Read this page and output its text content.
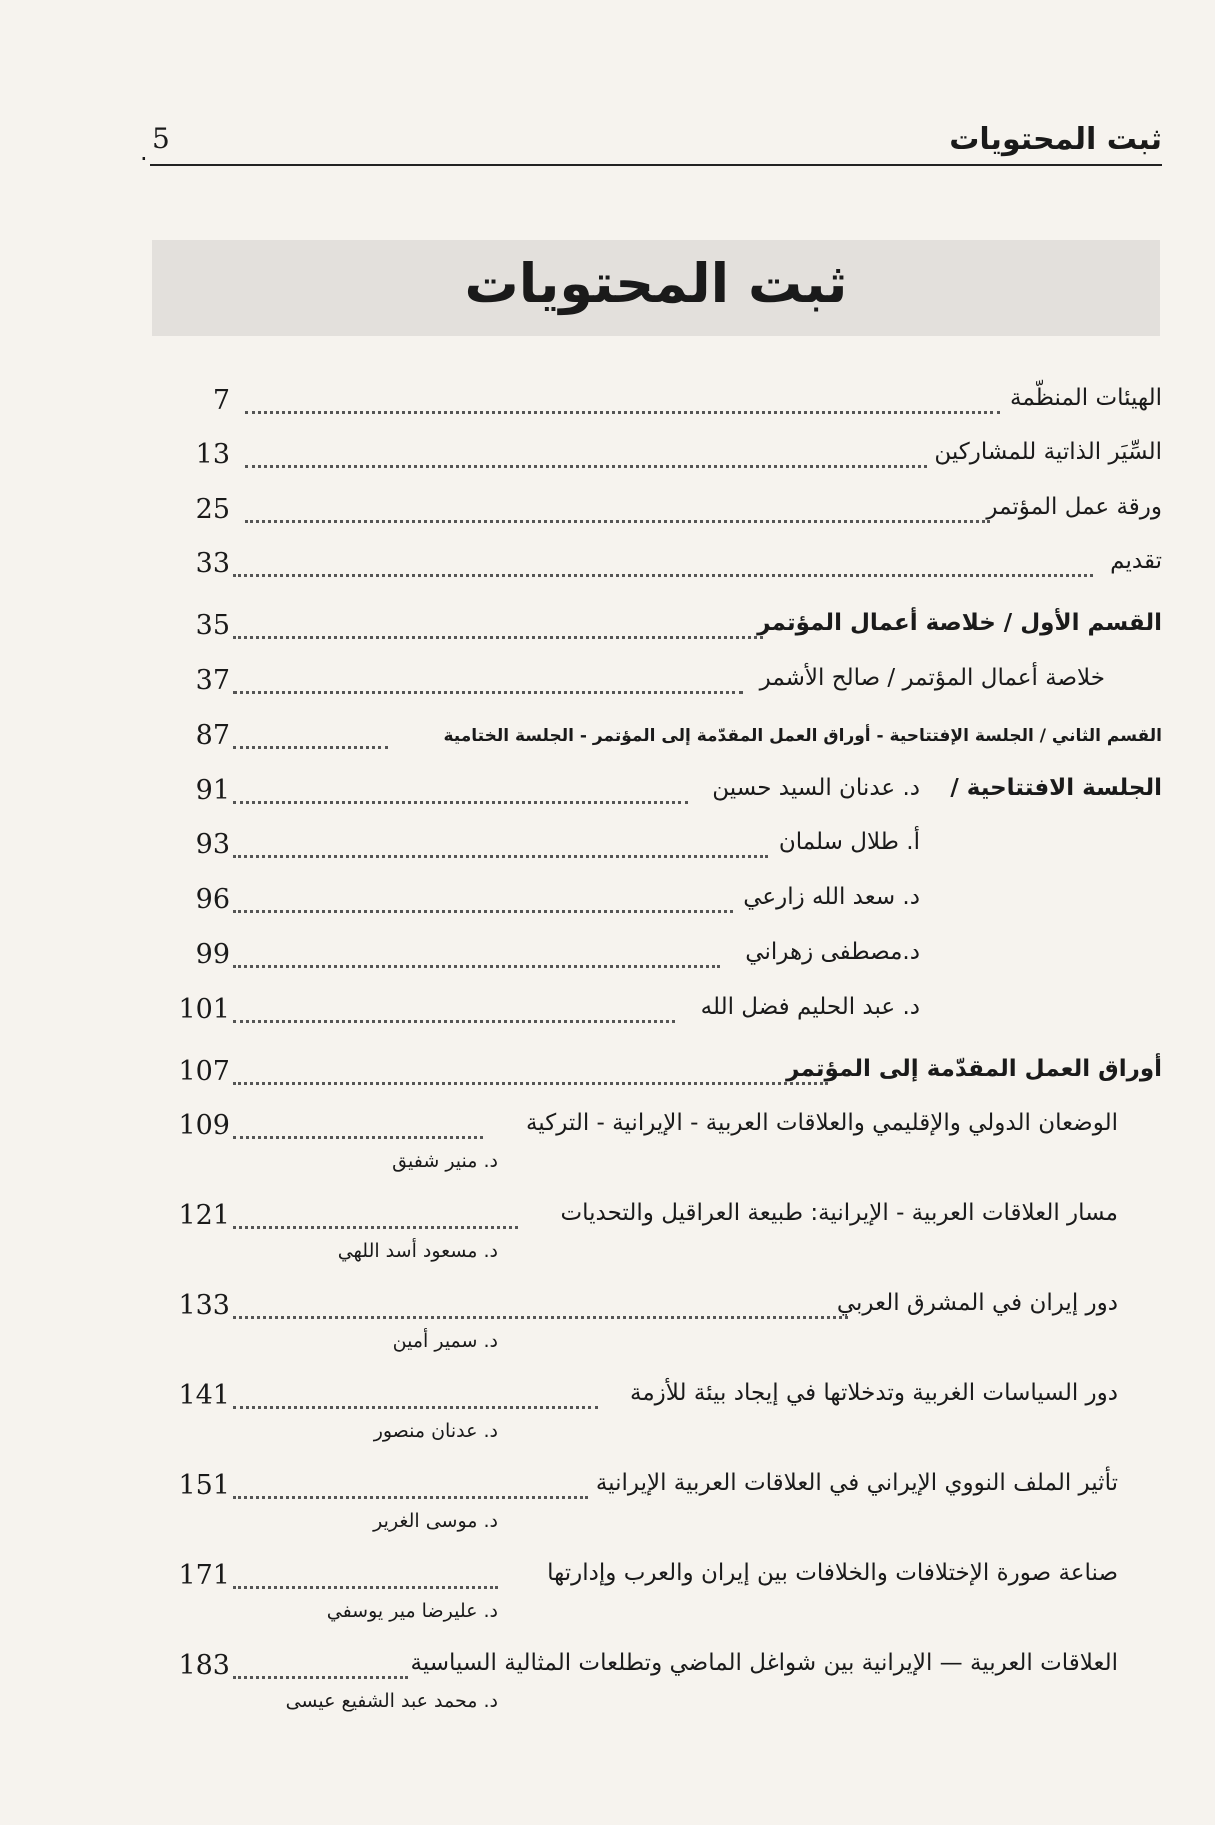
ثبت المحتويات
5
.
ثبت المحتويات
7	الهيئات المنظّمة
13	السِّيَر الذاتية للمشاركين
25	ورقة عمل المؤتمر
33	تقديم
35	القسم الأول / خلاصة أعمال المؤتمر
37	خلاصة أعمال المؤتمر / صالح الأشمر
87	القسم الثاني / الجلسة الإفتتاحية - أوراق العمل المقدّمة إلى المؤتمر - الجلسة الختامية
91	د. عدنان السيد حسين الجلسة الافتتاحية /
93	أ. طلال سلمان
96	د. سعد الله زارعي
99	د.مصطفى زهراني
101	د. عبد الحليم فضل الله
107	أوراق العمل المقدّمة إلى المؤتمر
109	الوضعان الدولي والإقليمي والعلاقات العربية - الإيرانية - التركية
د. منير شفيق
121	مسار العلاقات العربية - الإيرانية: طبيعة العراقيل والتحديات
د. مسعود أسد اللهي
133	دور إيران في المشرق العربي
د. سمير أمين
141	دور السياسات الغربية وتدخلاتها في إيجاد بيئة للأزمة
د. عدنان منصور
151	تأثير الملف النووي الإيراني في العلاقات العربية الإيرانية
د. موسى الغرير
171	صناعة صورة الإختلافات والخلافات بين إيران والعرب وإدارتها
د. عليرضا مير يوسفي
183	العلاقات العربية — الإيرانية بين شواغل الماضي وتطلعات المثالية السياسية
د. محمد عبد الشفيع عيسى
